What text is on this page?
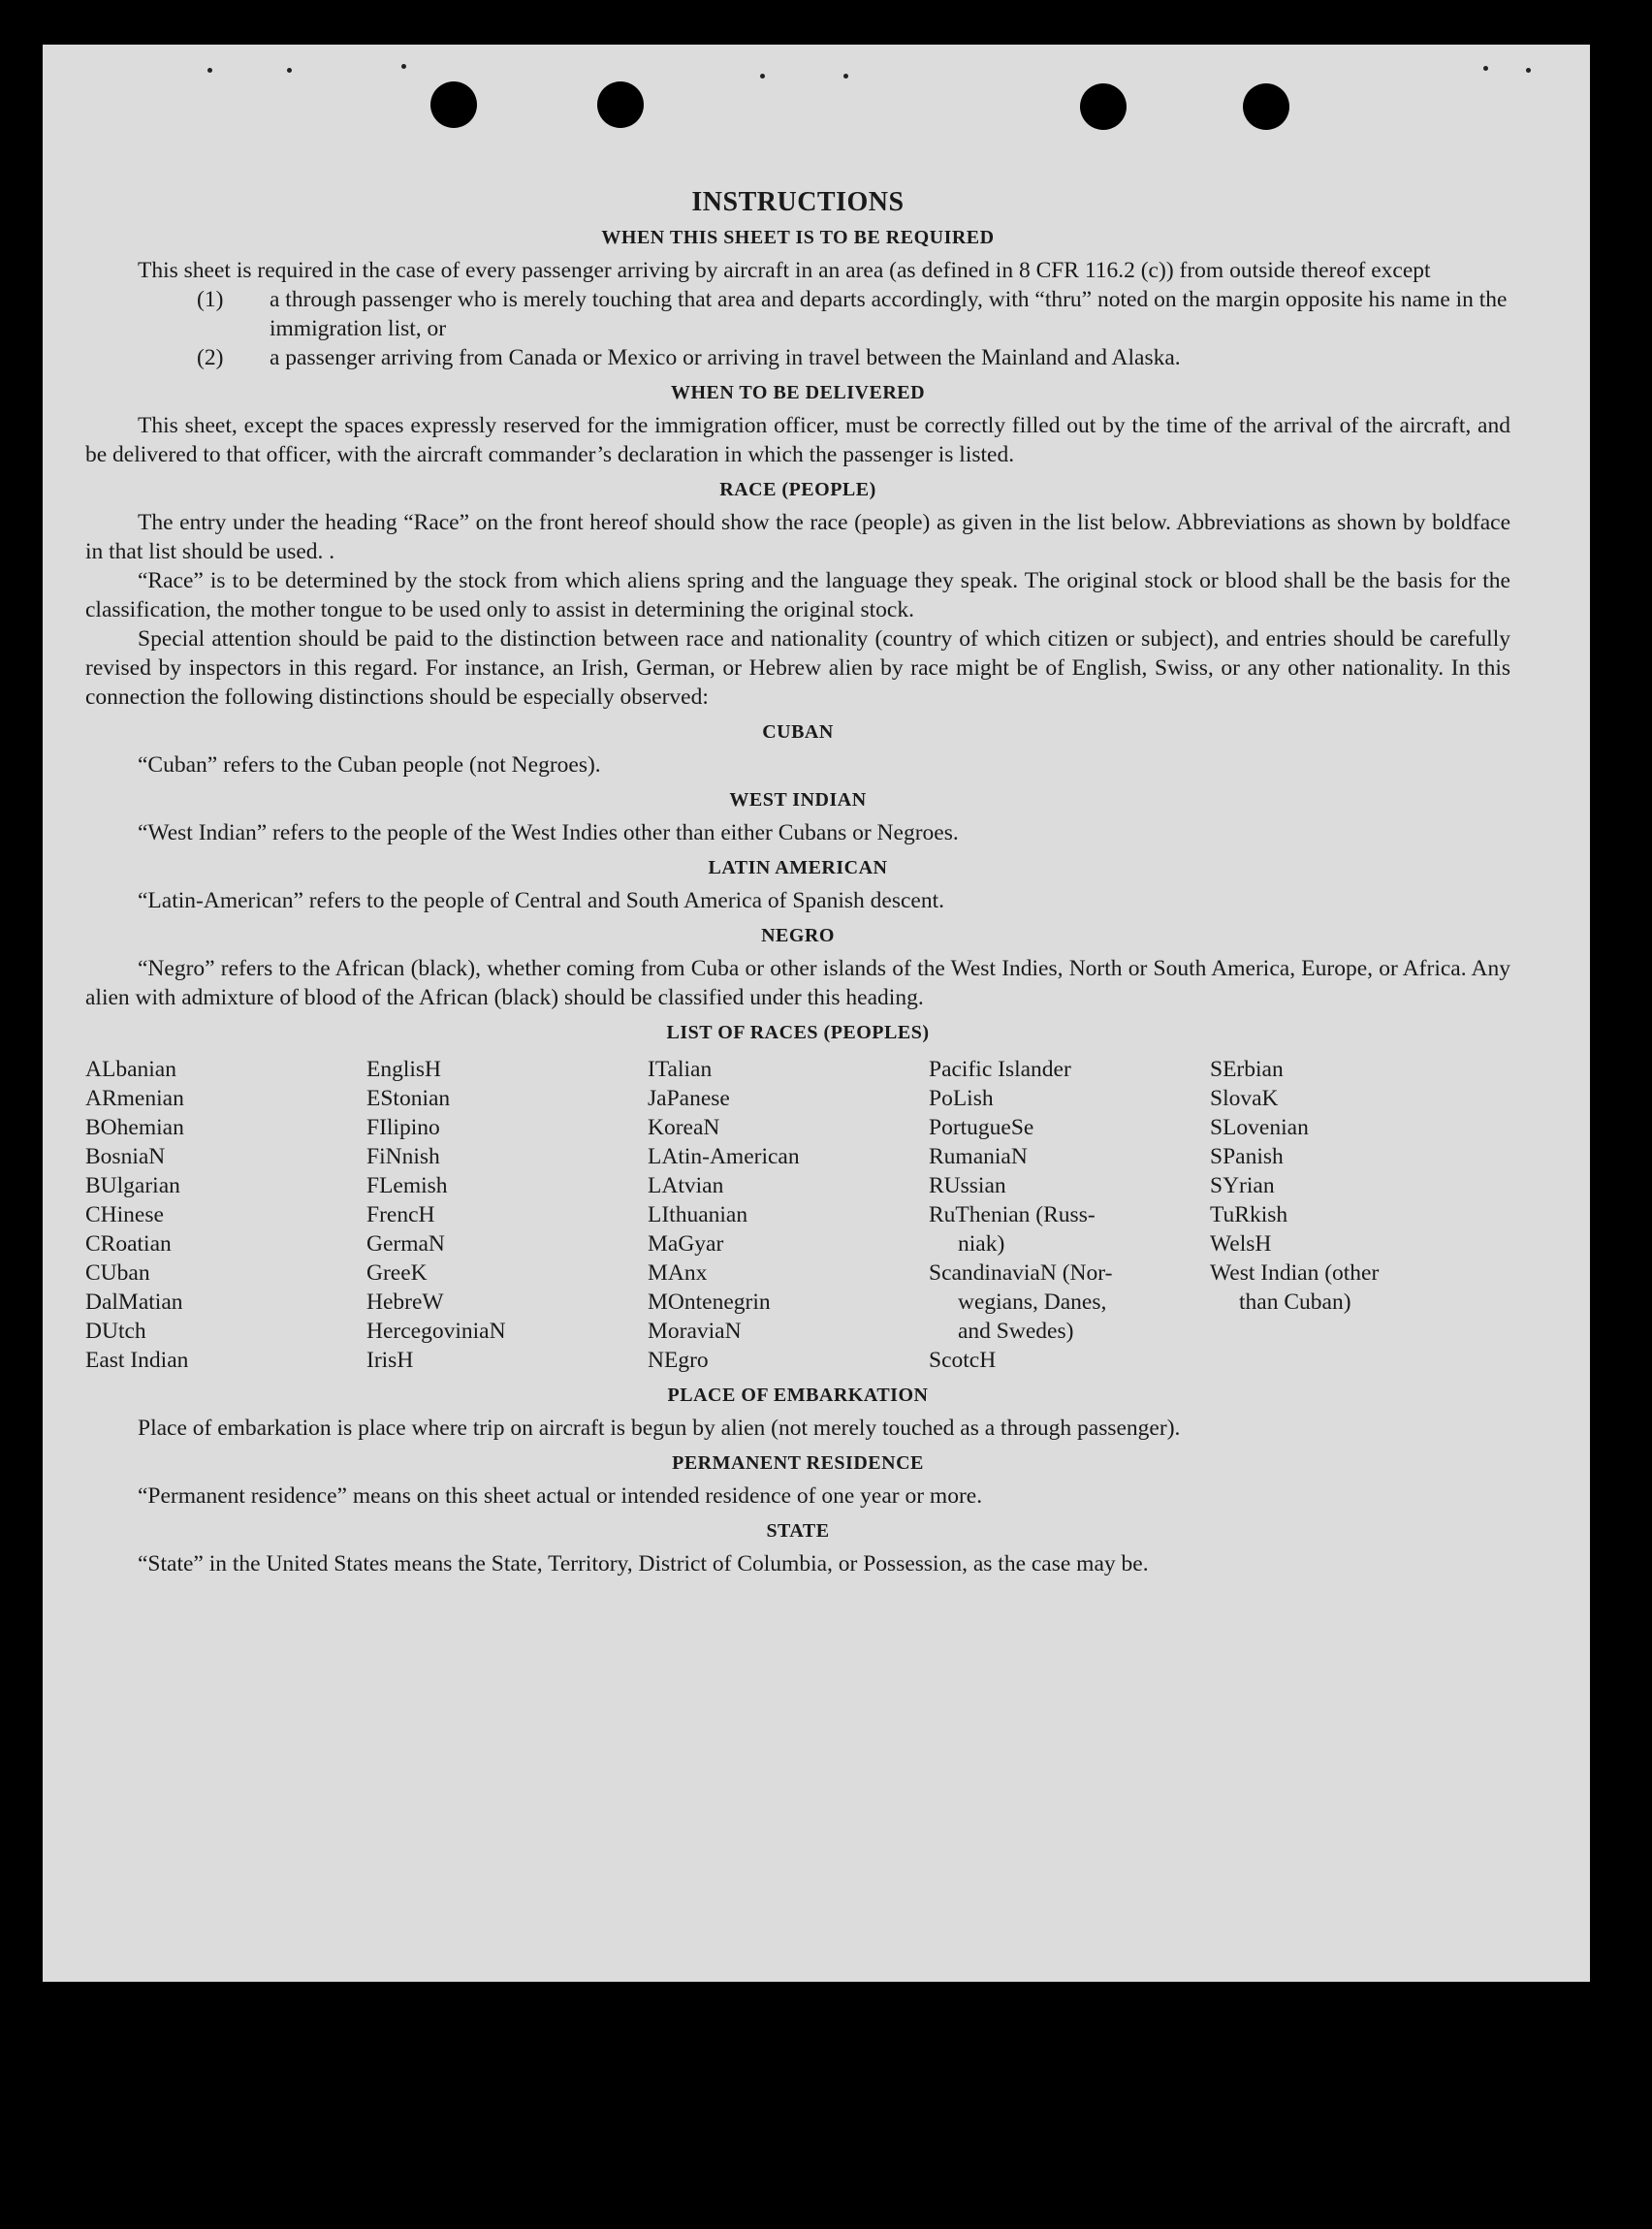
INSTRUCTIONS
WHEN THIS SHEET IS TO BE REQUIRED

This sheet is required in the case of every passenger arriving by aircraft in an area (as defined in 8 CFR 116.2 (c)) from outside thereof except

(1) a through passenger who is merely touching that area and departs accordingly, with “thru” noted on the margin opposite his name in the immigration list, or
(2) a passenger arriving from Canada or Mexico or arriving in travel between the Mainland and Alaska.
WHEN TO BE DELIVERED

This sheet, except the spaces expressly reserved for the immigration officer, must be correctly filled out by the time of the arrival of the aircraft, and be delivered to that officer, with the aircraft commander’s declaration in which the passenger is listed.

RACE (PEOPLE)

The entry under the heading “Race” on the front hereof should show the race (people) as given in the list below. Abbreviations as shown by boldface in that list should be used. .

“Race” is to be determined by the stock from which aliens spring and the language they speak. The original stock or blood shall be the basis for the classification, the mother tongue to be used only to assist in determining the original stock.

Special attention should be paid to the distinction between race and nationality (country of which citizen or subject), and entries should be carefully revised by inspectors in this regard. For instance, an Irish, German, or Hebrew alien by race might be of English, Swiss, or any other nationality. In this connection the following distinctions should be especially observed:

CUBAN

“Cuban” refers to the Cuban people (not Negroes).

WEST INDIAN

“West Indian” refers to the people of the West Indies other than either Cubans or Negroes.

LATIN AMERICAN

“Latin-American” refers to the people of Central and South America of Spanish descent.

NEGRO

“Negro” refers to the African (black), whether coming from Cuba or other islands of the West Indies, North or South America, Europe, or Africa. Any alien with admixture of blood of the African (black) should be classified under this heading.

LIST OF RACES (PEOPLES)
ALbanian
ARmenian
BOhemian
BosniaN
BUlgarian
CHinese
CRoatian
CUban
DalMatian
DUtch
East Indian
EnglisH
EStonian
FIlipino
FiNnish
FLemish
FrencH
GermaN
GreeK
HebreW
HercegoviniaN
IrisH
ITalian
JaPanese
KoreaN
LAtin-American
LAtvian
LIthuanian
MaGyar
MAnx
MOntenegrin
MoraviaN
NEgro
Pacific Islander
PoLish
PortugueSe
RumaniaN
RUssian
RuThenian (Russ-
niak)
ScandinaviaN (Nor-
wegians, Danes,
and Swedes)
ScotcH
SErbian
SlovaK
SLovenian
SPanish
SYrian
TuRkish
WelsH
West Indian (other
than Cuban)
PLACE OF EMBARKATION

Place of embarkation is place where trip on aircraft is begun by alien (not merely touched as a through passenger).

PERMANENT RESIDENCE

“Permanent residence” means on this sheet actual or intended residence of one year or more.

STATE

“State” in the United States means the State, Territory, District of Columbia, or Possession, as the case may be.
